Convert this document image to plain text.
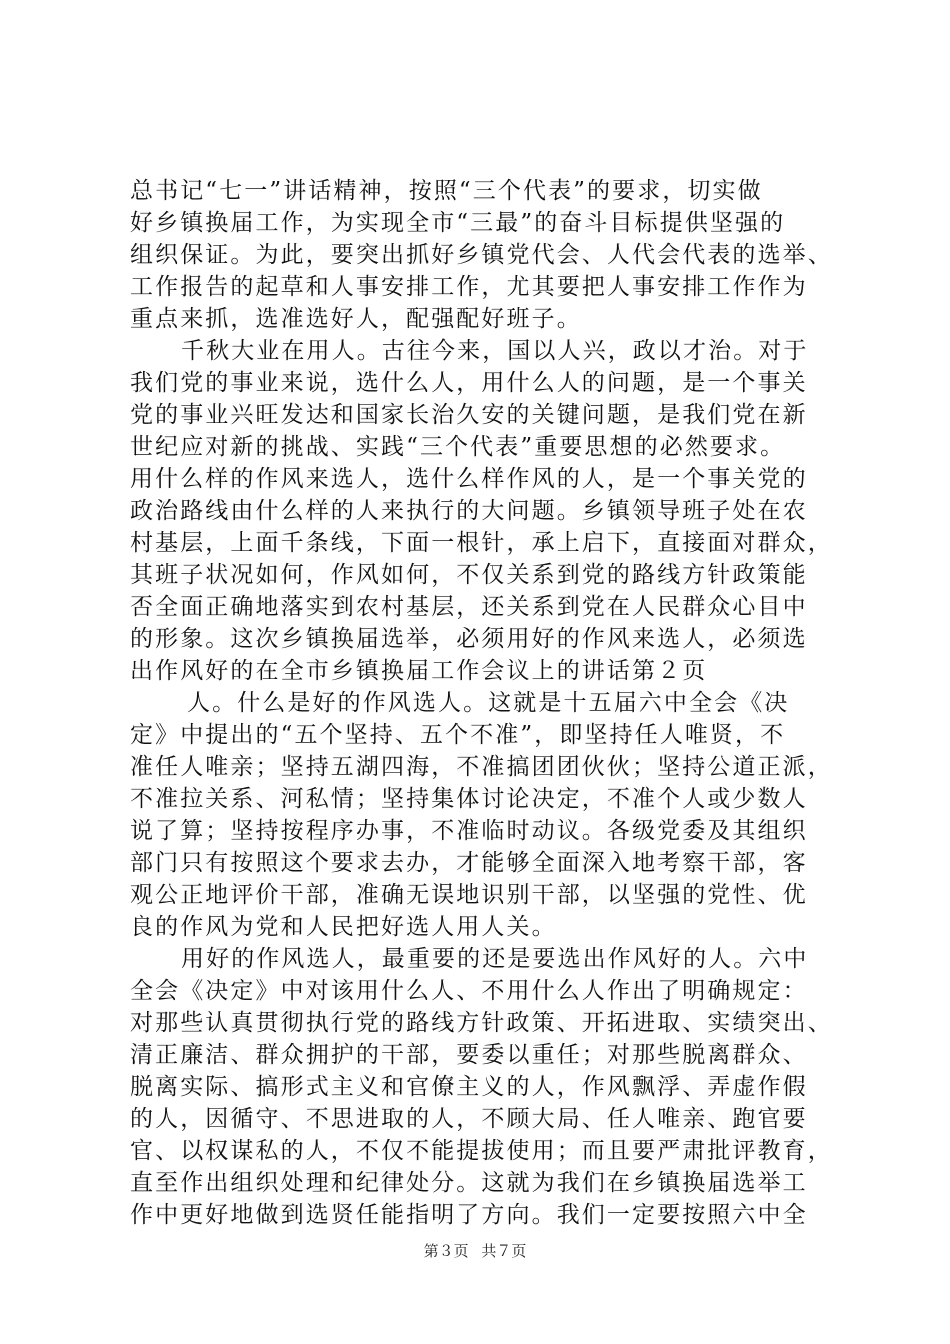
总书记“七一”讲话精神，按照“三个代表”的要求，切实做
好乡镇换届工作，为实现全市“三最”的奋斗目标提供坚强的
组织保证。为此，要突出抓好乡镇党代会、人代会代表的选举、
工作报告的起草和人事安排工作，尤其要把人事安排工作作为
重点来抓，选准选好人，配强配好班子。
千秋大业在用人。古往今来，国以人兴，政以才治。对于
我们党的事业来说，选什么人，用什么人的问题，是一个事关
党的事业兴旺发达和国家长治久安的关键问题，是我们党在新
世纪应对新的挑战、实践“三个代表”重要思想的必然要求。
用什么样的作风来选人，选什么样作风的人，是一个事关党的
政治路线由什么样的人来执行的大问题。乡镇领导班子处在农
村基层，上面千条线，下面一根针，承上启下，直接面对群众，
其班子状况如何，作风如何，不仅关系到党的路线方针政策能
否全面正确地落实到农村基层，还关系到党在人民群众心目中
的形象。这次乡镇换届选举，必须用好的作风来选人，必须选
出作风好的在全市乡镇换届工作会议上的讲话第２页
人。什么是好的作风选人。这就是十五届六中全会《决
定》中提出的“五个坚持、五个不准”，即坚持任人唯贤，不
准任人唯亲；坚持五湖四海，不准搞团团伙伙；坚持公道正派，
不准拉关系、河私情；坚持集体讨论决定，不准个人或少数人
说了算；坚持按程序办事，不准临时动议。各级党委及其组织
部门只有按照这个要求去办，才能够全面深入地考察干部，客
观公正地评价干部，准确无误地识别干部，以坚强的党性、优
良的作风为党和人民把好选人用人关。
用好的作风选人，最重要的还是要选出作风好的人。六中
全会《决定》中对该用什么人、不用什么人作出了明确规定：
对那些认真贯彻执行党的路线方针政策、开拓进取、实绩突出、
清正廉洁、群众拥护的干部，要委以重任；对那些脱离群众、
脱离实际、搞形式主义和官僚主义的人，作风飘浮、弄虚作假
的人，因循守、不思进取的人，不顾大局、任人唯亲、跑官要
官、以权谋私的人，不仅不能提拔使用；而且要严肃批评教育，
直至作出组织处理和纪律处分。这就为我们在乡镇换届选举工
作中更好地做到选贤任能指明了方向。我们一定要按照六中全
第３页 共７页
